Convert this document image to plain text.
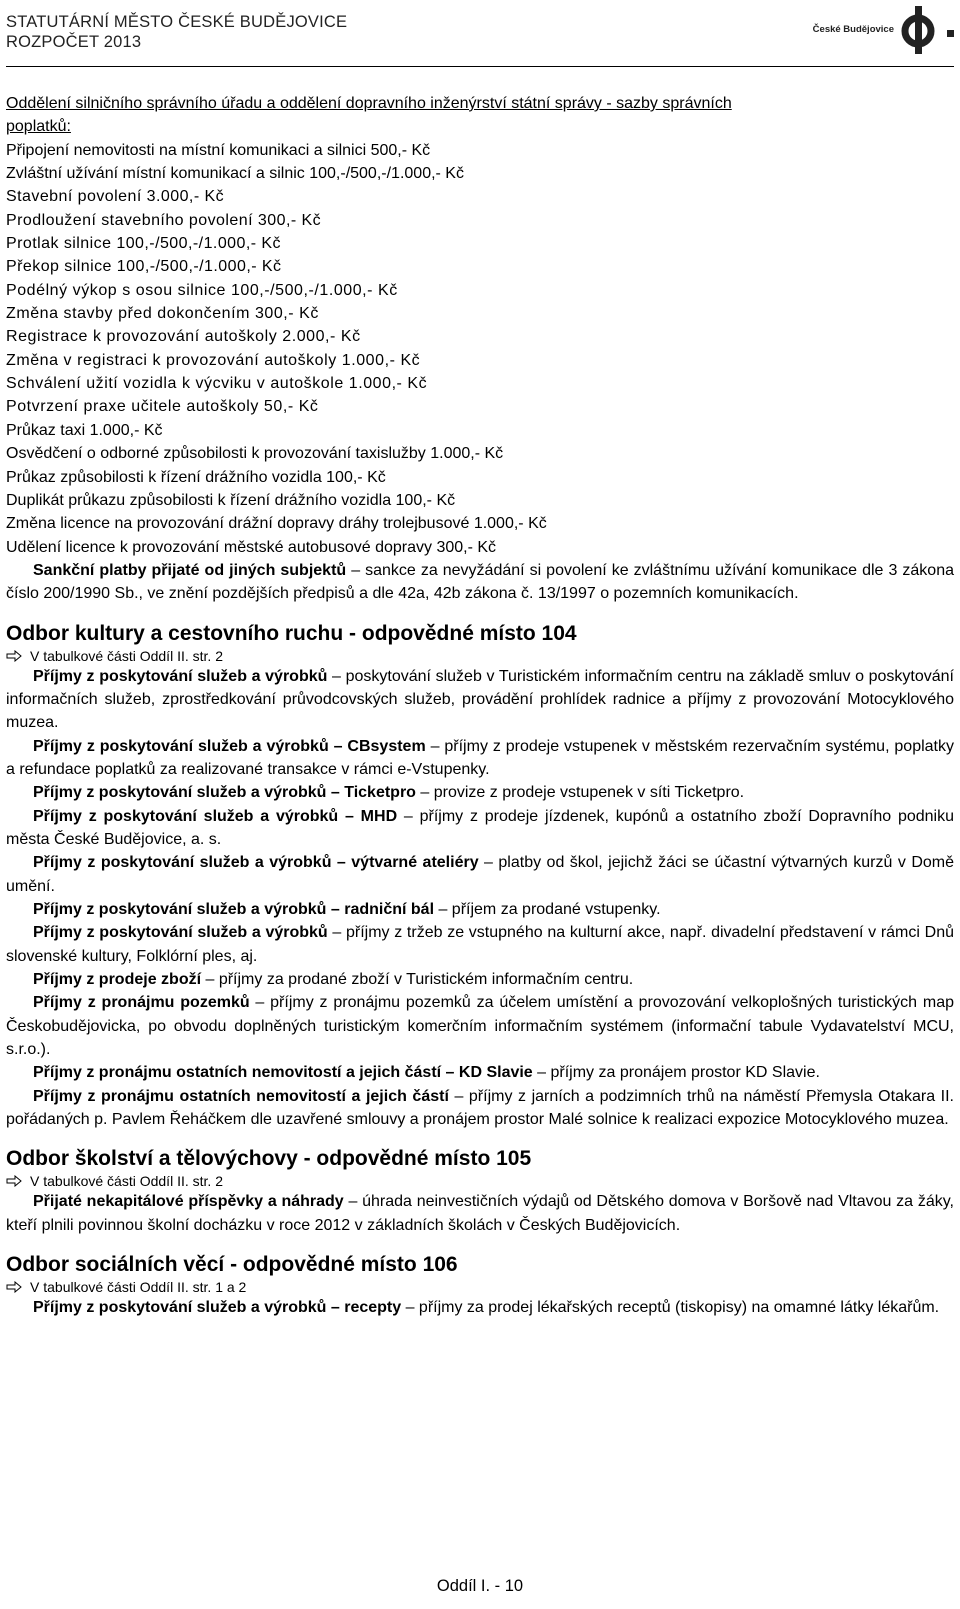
STATUTÁRNÍ MĚSTO ČESKÉ BUDĚJOVICE
ROZPOČET 2013
České Budějovice
Oddělení silničního správního úřadu a oddělení dopravního inženýrství státní správy - sazby správních
poplatků:
Připojení nemovitosti na místní komunikaci a silnici 500,- Kč
Zvláštní užívání místní komunikací a silnic 100,-/500,-/1.000,- Kč
Stavební povolení 3.000,- Kč
Prodloužení stavebního povolení 300,- Kč
Protlak silnice 100,-/500,-/1.000,- Kč
Překop silnice 100,-/500,-/1.000,- Kč
Podélný výkop s osou silnice 100,-/500,-/1.000,- Kč
Změna stavby před dokončením 300,- Kč
Registrace k provozování autoškoly 2.000,- Kč
Změna v registraci k provozování autoškoly 1.000,- Kč
Schválení užití vozidla k výcviku v autoškole 1.000,- Kč
Potvrzení praxe učitele autoškoly 50,- Kč
Průkaz taxi 1.000,- Kč
Osvědčení o odborné způsobilosti k provozování taxislužby 1.000,- Kč
Průkaz způsobilosti k řízení drážního vozidla 100,- Kč
Duplikát průkazu způsobilosti k řízení drážního vozidla 100,- Kč
Změna licence na provozování drážní dopravy dráhy trolejbusové 1.000,- Kč
Udělení licence k provozování městské autobusové dopravy 300,- Kč
Sankční platby přijaté od jiných subjektů – sankce za nevyžádání si povolení ke zvláštnímu užívání komunikace dle 3 zákona číslo 200/1990 Sb., ve znění pozdějších předpisů a dle 42a, 42b zákona č. 13/1997 o pozemních komunikacích.
Odbor kultury a cestovního ruchu - odpovědné místo 104
V tabulkové části Oddíl II. str. 2
Příjmy z poskytování služeb a výrobků – poskytování služeb v Turistickém informačním centru na základě smluv o poskytování informačních služeb, zprostředkování průvodcovských služeb, provádění prohlídek radnice a příjmy z provozování Motocyklového muzea.
Příjmy z poskytování služeb a výrobků – CBsystem – příjmy z prodeje vstupenek v městském rezervačním systému, poplatky a refundace poplatků za realizované transakce v rámci e-Vstupenky.
Příjmy z poskytování služeb a výrobků – Ticketpro – provize z prodeje vstupenek v síti Ticketpro.
Příjmy z poskytování služeb a výrobků – MHD – příjmy z prodeje jízdenek, kupónů a ostatního zboží Dopravního podniku města České Budějovice, a. s.
Příjmy z poskytování služeb a výrobků – výtvarné ateliéry – platby od škol, jejichž žáci se účastní výtvarných kurzů v Domě umění.
Příjmy z poskytování služeb a výrobků – radniční bál – příjem za prodané vstupenky.
Příjmy z poskytování služeb a výrobků – příjmy z tržeb ze vstupného na kulturní akce, např. divadelní představení v rámci Dnů slovenské kultury, Folklórní ples, aj.
Příjmy z prodeje zboží – příjmy za prodané zboží v Turistickém informačním centru.
Příjmy z pronájmu pozemků – příjmy z pronájmu pozemků za účelem umístění a provozování velkoplošných turistických map Českobudějovicka, po obvodu doplněných turistickým komerčním informačním systémem (informační tabule Vydavatelství MCU, s.r.o.).
Příjmy z pronájmu ostatních nemovitostí a jejich částí – KD Slavie – příjmy za pronájem prostor KD Slavie.
Příjmy z pronájmu ostatních nemovitostí a jejich částí – příjmy z jarních a podzimních trhů na náměstí Přemysla Otakara II. pořádaných p. Pavlem Řeháčkem dle uzavřené smlouvy a pronájem prostor Malé solnice k realizaci expozice Motocyklového muzea.
Odbor školství a tělovýchovy - odpovědné místo 105
V tabulkové části Oddíl II. str. 2
Přijaté nekapitálové příspěvky a náhrady – úhrada neinvestičních výdajů od Dětského domova v Boršově nad Vltavou za žáky, kteří plnili povinnou školní docházku v roce 2012 v základních školách v Českých Budějovicích.
Odbor sociálních věcí - odpovědné místo 106
V tabulkové části Oddíl II. str. 1 a 2
Příjmy z poskytování služeb a výrobků – recepty – příjmy za prodej lékařských receptů (tiskopisy) na omamné látky lékařům.
Oddíl I. - 10
